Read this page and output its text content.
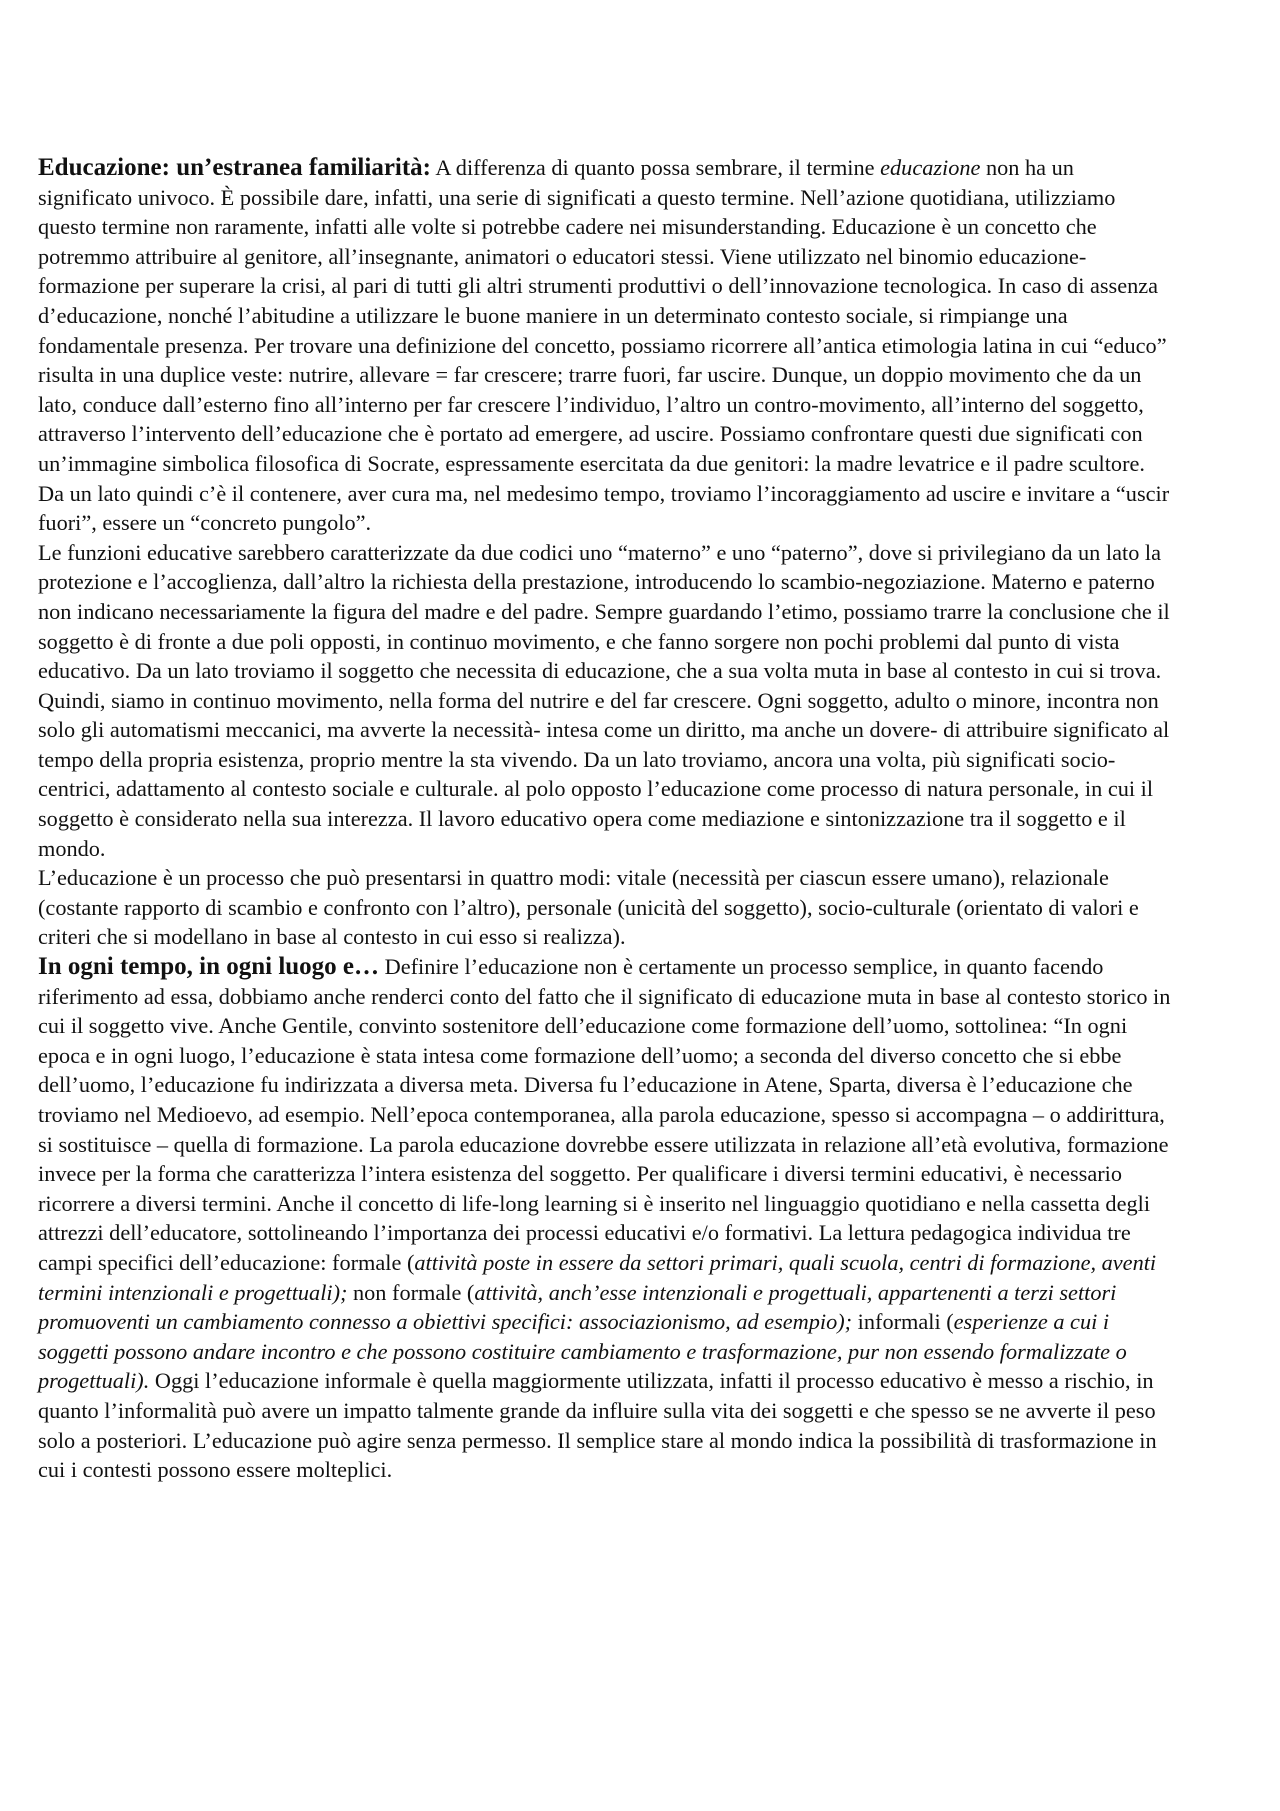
Educazione: un’estranea familiarità: A differenza di quanto possa sembrare, il termine educazione non ha un significato univoco. È possibile dare, infatti, una serie di significati a questo termine. Nell’azione quotidiana, utilizziamo questo termine non raramente, infatti alle volte si potrebbe cadere nei misunderstanding. Educazione è un concetto che potremmo attribuire al genitore, all’insegnante, animatori o educatori stessi. Viene utilizzato nel binomio educazione-formazione per superare la crisi, al pari di tutti gli altri strumenti produttivi o dell’innovazione tecnologica. In caso di assenza d’educazione, nonché l’abitudine a utilizzare le buone maniere in un determinato contesto sociale, si rimpiange una fondamentale presenza. Per trovare una definizione del concetto, possiamo ricorrere all’antica etimologia latina in cui “educo” risulta in una duplice veste: nutrire, allevare = far crescere; trarre fuori, far uscire. Dunque, un doppio movimento che da un lato, conduce dall’esterno fino all’interno per far crescere l’individuo, l’altro un contro-movimento, all’interno del soggetto, attraverso l’intervento dell’educazione che è portato ad emergere, ad uscire. Possiamo confrontare questi due significati con un’immagine simbolica filosofica di Socrate, espressamente esercitata da due genitori: la madre levatrice e il padre scultore. Da un lato quindi c’è il contenere, aver cura ma, nel medesimo tempo, troviamo l’incoraggiamento ad uscire e invitare a “uscir fuori”, essere un “concreto pungolo”.

Le funzioni educative sarebbero caratterizzate da due codici uno “materno” e uno “paterno”, dove si privilegiano da un lato la protezione e l’accoglienza, dall’altro la richiesta della prestazione, introducendo lo scambio-negoziazione. Materno e paterno non indicano necessariamente la figura del madre e del padre. Sempre guardando l’etimo, possiamo trarre la conclusione che il soggetto è di fronte a due poli opposti, in continuo movimento, e che fanno sorgere non pochi problemi dal punto di vista educativo. Da un lato troviamo il soggetto che necessita di educazione, che a sua volta muta in base al contesto in cui si trova. Quindi, siamo in continuo movimento, nella forma del nutrire e del far crescere. Ogni soggetto, adulto o minore, incontra non solo gli automatismi meccanici, ma avverte la necessità- intesa come un diritto, ma anche un dovere- di attribuire significato al tempo della propria esistenza, proprio mentre la sta vivendo. Da un lato troviamo, ancora una volta, più significati socio-centrici, adattamento al contesto sociale e culturale. al polo opposto l’educazione come processo di natura personale, in cui il soggetto è considerato nella sua interezza. Il lavoro educativo opera come mediazione e sintonizzazione tra il soggetto e il mondo.

L’educazione è un processo che può presentarsi in quattro modi: vitale (necessità per ciascun essere umano), relazionale (costante rapporto di scambio e confronto con l’altro), personale (unicità del soggetto), socio-culturale (orientato di valori e criteri che si modellano in base al contesto in cui esso si realizza).

In ogni tempo, in ogni luogo e… Definire l’educazione non è certamente un processo semplice, in quanto facendo riferimento ad essa, dobbiamo anche renderci conto del fatto che il significato di educazione muta in base al contesto storico in cui il soggetto vive. Anche Gentile, convinto sostenitore dell’educazione come formazione dell’uomo, sottolinea: “In ogni epoca e in ogni luogo, l’educazione è stata intesa come formazione dell’uomo; a seconda del diverso concetto che si ebbe dell’uomo, l’educazione fu indirizzata a diversa meta. Diversa fu l’educazione in Atene, Sparta, diversa è l’educazione che troviamo nel Medioevo, ad esempio. Nell’epoca contemporanea, alla parola educazione, spesso si accompagna – o addirittura, si sostituisce – quella di formazione. La parola educazione dovrebbe essere utilizzata in relazione all’età evolutiva, formazione invece per la forma che caratterizza l’intera esistenza del soggetto. Per qualificare i diversi termini educativi, è necessario ricorrere a diversi termini. Anche il concetto di life-long learning si è inserito nel linguaggio quotidiano e nella cassetta degli attrezzi dell’educatore, sottolineando l’importanza dei processi educativi e/o formativi. La lettura pedagogica individua tre campi specifici dell’educazione: formale (attività poste in essere da settori primari, quali scuola, centri di formazione, aventi termini intenzionali e progettuali); non formale (attività, anch’esse intenzionali e progettuali, appartenenti a terzi settori promuoventi un cambiamento connesso a obiettivi specifici: associazionismo, ad esempio); informali (esperienze a cui i soggetti possono andare incontro e che possono costituire cambiamento e trasformazione, pur non essendo formalizzate o progettuali). Oggi l’educazione informale è quella maggiormente utilizzata, infatti il processo educativo è messo a rischio, in quanto l’informalità può avere un impatto talmente grande da influire sulla vita dei soggetti e che spesso se ne avverte il peso solo a posteriori. L’educazione può agire senza permesso. Il semplice stare al mondo indica la possibilità di trasformazione in cui i contesti possono essere molteplici.
